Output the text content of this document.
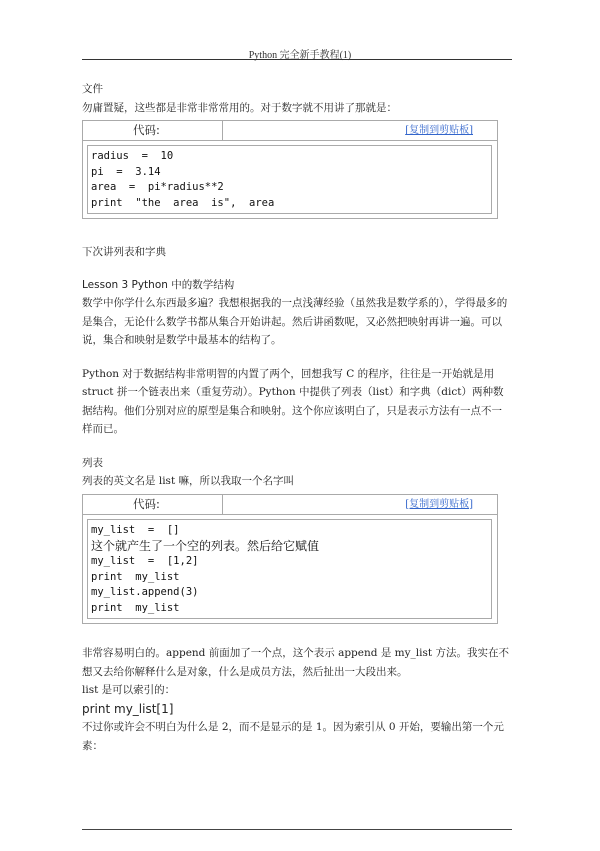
Python 完全新手教程(1)

文件

勿庸置疑，这些都是非常非常常用的。对于数字就不用讲了那就是：

代码:	[复制到剪贴板]
radius  =  10
pi  =  3.14
area  =  pi*radius**2
print  "the  area  is",  area

下次讲列表和字典

Lesson 3 Python 中的数学结构

数学中你学什么东西最多遍？我想根据我的一点浅薄经验（虽然我是数学系的），学得最多的是集合，无论什么数学书都从集合开始讲起。然后讲函数呢，又必然把映射再讲一遍。可以说，集合和映射是数学中最基本的结构了。

Python 对于数据结构非常明智的内置了两个，回想我写 C 的程序，往往是一开始就是用 struct 拼一个链表出来（重复劳动）。Python 中提供了列表（list）和字典（dict）两种数据结构。他们分别对应的原型是集合和映射。这个你应该明白了，只是表示方法有一点不一样而已。

列表

列表的英文名是 list 嘛，所以我取一个名字叫

代码:	[复制到剪贴板]
my_list  =  []
这个就产生了一个空的列表。然后给它赋值
my_list  =  [1,2]
print  my_list
my_list.append(3)
print  my_list

非常容易明白的。append 前面加了一个点，这个表示 append 是 my_list 方法。我实在不想又去给你解释什么是对象，什么是成员方法，然后扯出一大段出来。

list 是可以索引的：

print my_list[1]

不过你或许会不明白为什么是 2，而不是显示的是 1。因为索引从 0 开始，要输出第一个元素：
